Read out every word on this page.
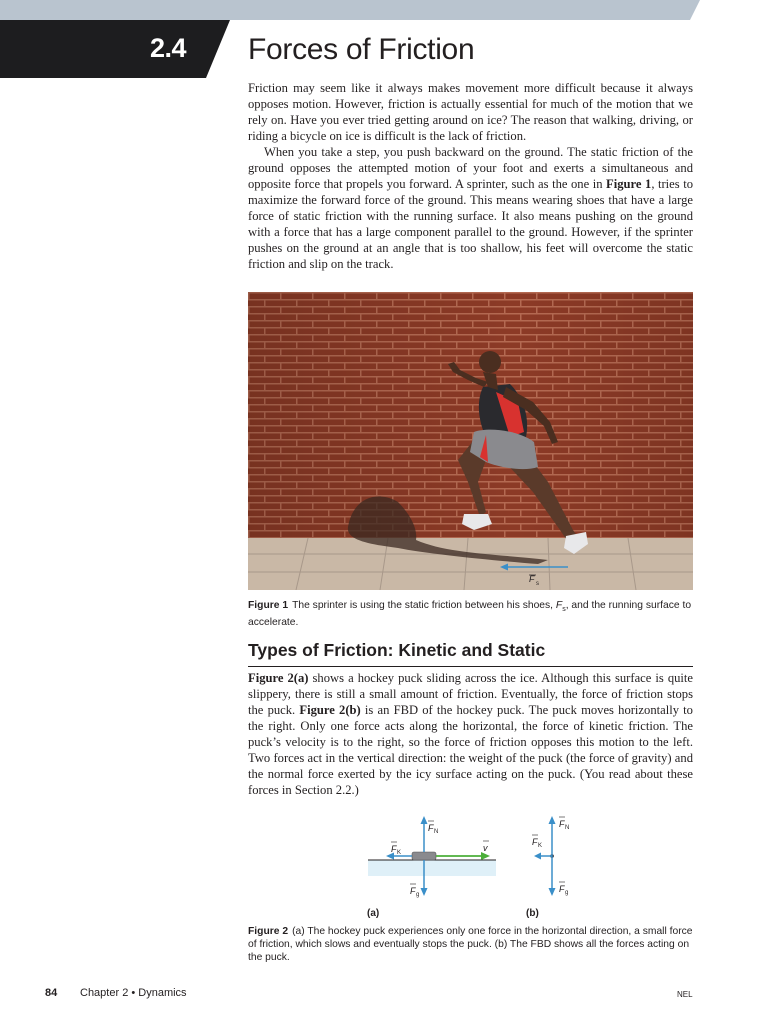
2.4 Forces of Friction

Friction may seem like it always makes movement more difficult because it always opposes motion. However, friction is actually essential for much of the motion that we rely on. Have you ever tried getting around on ice? The reason that walking, driving, or riding a bicycle on ice is difficult is the lack of friction.

When you take a step, you push backward on the ground. The static friction of the ground opposes the attempted motion of your foot and exerts a simultaneous and opposite force that propels you forward. A sprinter, such as the one in Figure 1, tries to maximize the forward force of the ground. This means wearing shoes that have a large force of static friction with the running surface. It also means pushing on the ground with a force that has a large component parallel to the ground. However, if the sprinter pushes on the ground at an angle that is too shallow, his feet will overcome the static friction and slip on the track.

F s
Figure 1 The sprinter is using the static friction between his shoes, $F_s$, and the running surface to accelerate.
Types of Friction: Kinetic and Static

Figure 2(a) shows a hockey puck sliding across the ice. Although this surface is quite slippery, there is still a small amount of friction. Eventually, the force of friction stops the puck. Figure 2(b) is an FBD of the hockey puck. The puck moves horizontally to the right. Only one force acts along the horizontal, the force of kinetic friction. The puck’s velocity is to the right, so the force of friction opposes this motion to the left. Two forces act in the vertical direction: the weight of the puck (the force of gravity) and the normal force exerted by the icy surface acting on the puck. (You read about these forces in Section 2.2.)

F N
F K	v
F g
(a)
F N
F K
F g
(b)
Figure 2 (a) The hockey puck experiences only one force in the horizontal direction, a small force of friction, which slows and eventually stops the puck. (b) The FBD shows all the forces acting on the puck.
84 Chapter 2 • Dynamics	NEL
